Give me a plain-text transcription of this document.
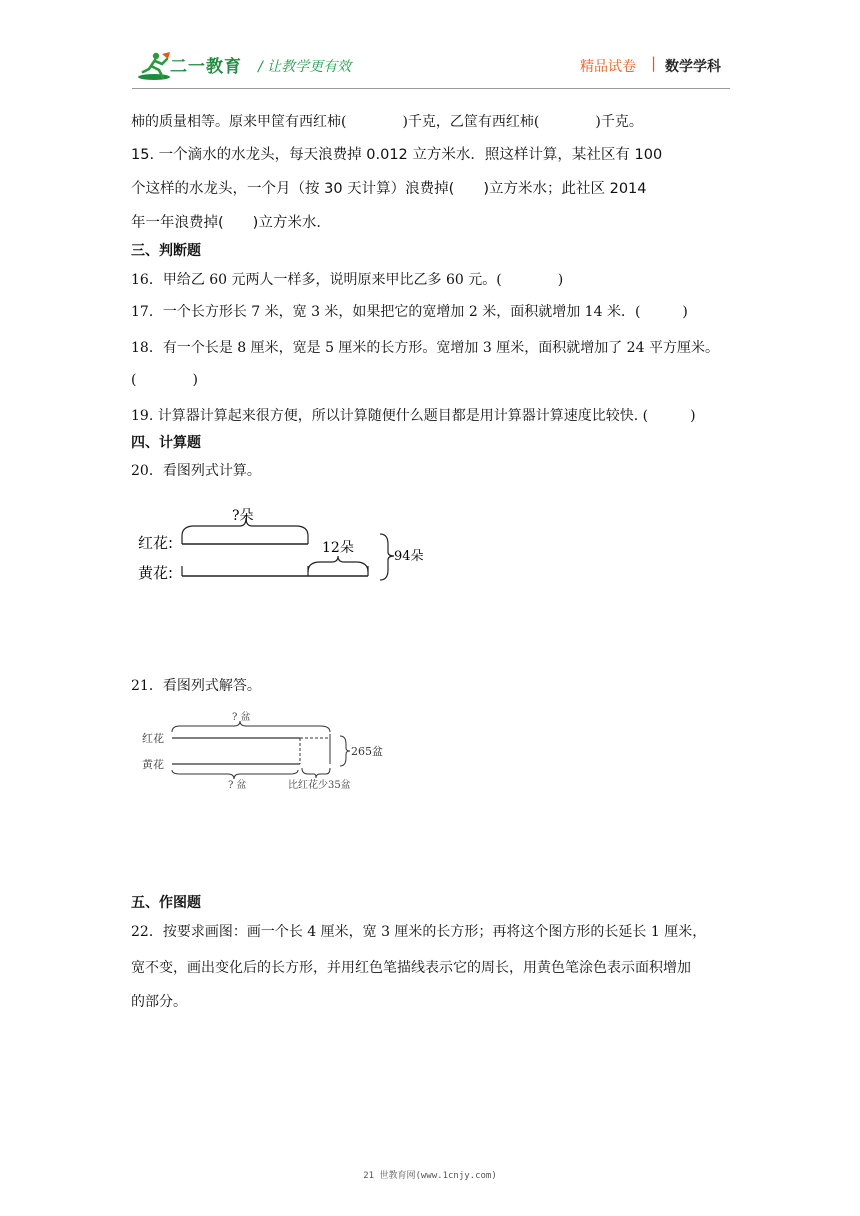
二一教育 / 让教学更有效	精品试卷 | 数学学科
柿的质量相等。原来甲筐有西红柿(　　　　)千克，乙筐有西红柿(　　　　)千克。
15. 一个滴水的水龙头，每天浪费掉 0.012 立方米水．照这样计算，某社区有 100
个这样的水龙头，一个月（按 30 天计算）浪费掉(　　)立方米水；此社区 2014
年一年浪费掉(　　)立方米水．
三、判断题
16．甲给乙 60 元两人一样多，说明原来甲比乙多 60 元。(　　　　)
17．一个长方形长 7 米，宽 3 米，如果把它的宽增加 2 米，面积就增加 14 米．(　　　)
18．有一个长是 8 厘米，宽是 5 厘米的长方形。宽增加 3 厘米，面积就增加了 24 平方厘米。
(　　　　)
19. 计算器计算起来很方便，所以计算随便什么题目都是用计算器计算速度比较快. (　　　)
四、计算题
20．看图列式计算。
?朵
红花:	12朵
黄花:
94朵
21．看图列式解答。
? 盆
红花
黄花
? 盆	比红花少35盆
265盆
五、作图题
22．按要求画图：画一个长 4 厘米，宽 3 厘米的长方形；再将这个图方形的长延长 1 厘米，
宽不变，画出变化后的长方形，并用红色笔描线表示它的周长，用黄色笔涂色表示面积增加
的部分。
21 世教育网(www.1cnjy.com)
